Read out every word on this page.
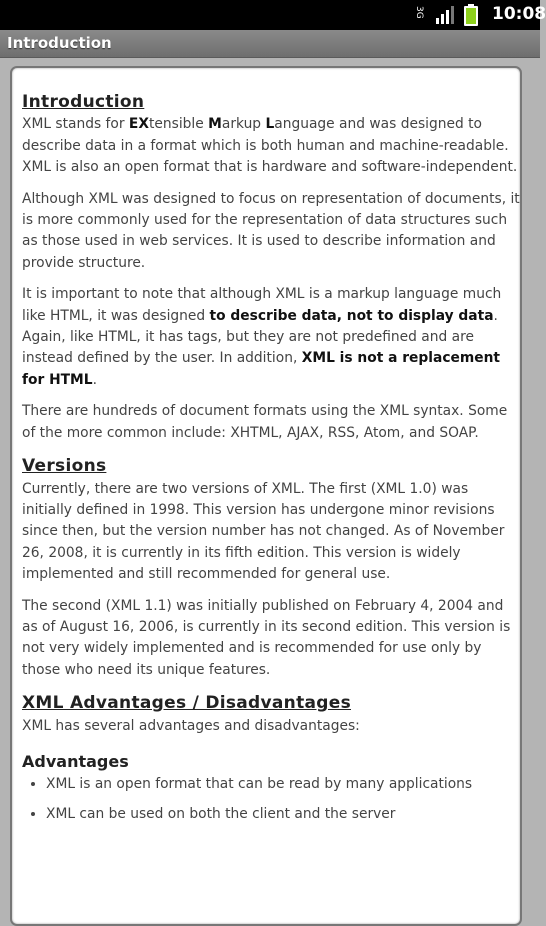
3G	10:08
Introduction
Introduction

XML stands for EXtensible Markup Language and was designed to describe data in a format which is both human and machine-readable. XML is also an open format that is hardware and software-independent.

Although XML was designed to focus on representation of documents, it is more commonly used for the representation of data structures such as those used in web services. It is used to describe information and provide structure.

It is important to note that although XML is a markup language much like HTML, it was designed to describe data, not to display data. Again, like HTML, it has tags, but they are not predefined and are instead defined by the user. In addition, XML is not a replacement for HTML.

There are hundreds of document formats using the XML syntax. Some of the more common include: XHTML, AJAX, RSS, Atom, and SOAP.

Versions

Currently, there are two versions of XML. The first (XML 1.0) was initially defined in 1998. This version has undergone minor revisions since then, but the version number has not changed. As of November 26, 2008, it is currently in its fifth edition. This version is widely implemented and still recommended for general use.

The second (XML 1.1) was initially published on February 4, 2004 and as of August 16, 2006, is currently in its second edition. This version is not very widely implemented and is recommended for use only by those who need its unique features.

XML Advantages / Disadvantages

XML has several advantages and disadvantages:

Advantages
• XML is an open format that can be read by many applications
• XML can be used on both the client and the server
